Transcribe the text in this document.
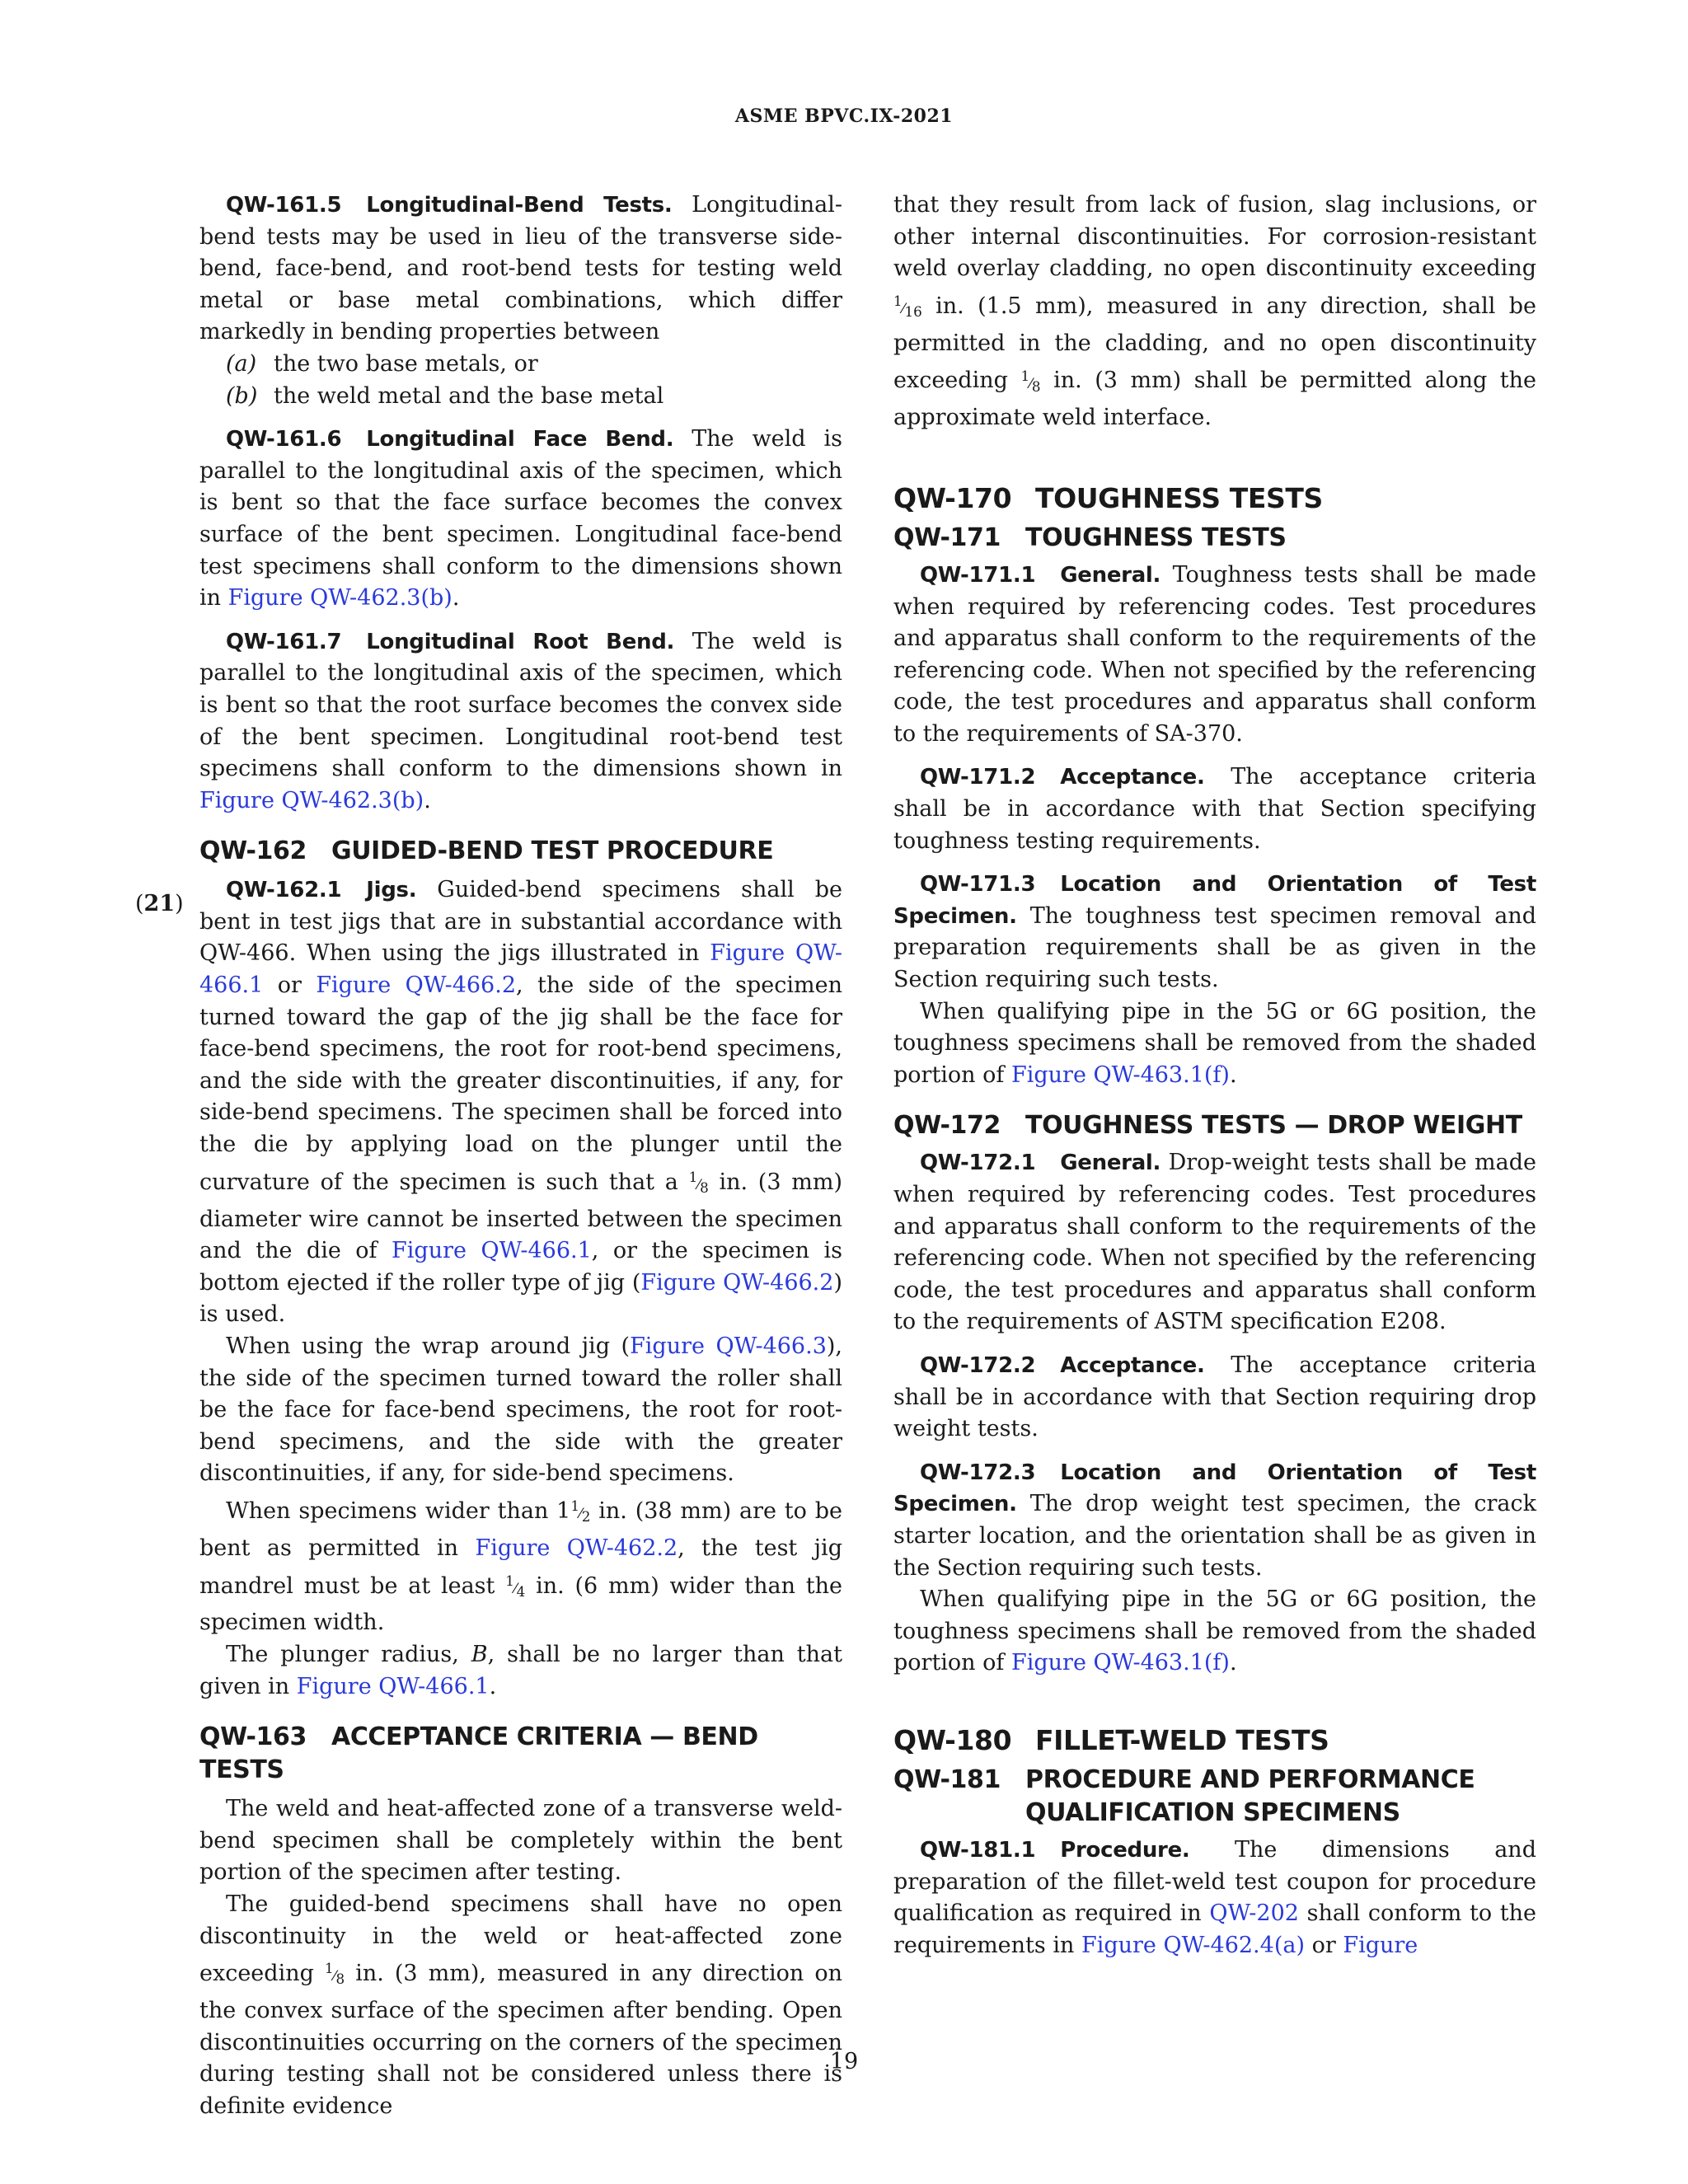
ASME BPVC.IX-2021
(21)

QW-161.5 Longitudinal-Bend Tests. Longitudinal-bend tests may be used in lieu of the transverse side-bend, face-bend, and root-bend tests for testing weld metal or base metal combinations, which differ markedly in bending properties between

(a) the two base metals, or
(b) the weld metal and the base metal

QW-161.6 Longitudinal Face Bend. The weld is parallel to the longitudinal axis of the specimen, which is bent so that the face surface becomes the convex surface of the bent specimen. Longitudinal face-bend test specimens shall conform to the dimensions shown in Figure QW-462.3(b).

QW-161.7 Longitudinal Root Bend. The weld is parallel to the longitudinal axis of the specimen, which is bent so that the root surface becomes the convex side of the bent specimen. Longitudinal root-bend test specimens shall conform to the dimensions shown in Figure QW-462.3(b).

QW-162 GUIDED-BEND TEST PROCEDURE

QW-162.1 Jigs. Guided-bend specimens shall be bent in test jigs that are in substantial accordance with QW-466. When using the jigs illustrated in Figure QW-466.1 or Figure QW-466.2, the side of the specimen turned toward the gap of the jig shall be the face for face-bend specimens, the root for root-bend specimens, and the side with the greater discontinuities, if any, for side-bend specimens. The specimen shall be forced into the die by applying load on the plunger until the curvature of the specimen is such that a $^1⁄_8$ in. (3 mm) diameter wire cannot be inserted between the specimen and the die of Figure QW-466.1, or the specimen is bottom ejected if the roller type of jig (Figure QW-466.2) is used.

When using the wrap around jig (Figure QW-466.3), the side of the specimen turned toward the roller shall be the face for face-bend specimens, the root for root-bend specimens, and the side with the greater discontinuities, if any, for side-bend specimens.

When specimens wider than $1^1⁄_2$ in. (38 mm) are to be bent as permitted in Figure QW-462.2, the test jig mandrel must be at least $^1⁄_4$ in. (6 mm) wider than the specimen width.

The plunger radius, B, shall be no larger than that given in Figure QW-466.1.

QW-163 ACCEPTANCE CRITERIA — BEND TESTS

The weld and heat-affected zone of a transverse weld-bend specimen shall be completely within the bent portion of the specimen after testing.

The guided-bend specimens shall have no open discontinuity in the weld or heat-affected zone exceeding $^1⁄_8$ in. (3 mm), measured in any direction on the convex surface of the specimen after bending. Open discontinuities occurring on the corners of the specimen during testing shall not be considered unless there is definite evidence

that they result from lack of fusion, slag inclusions, or other internal discontinuities. For corrosion-resistant weld overlay cladding, no open discontinuity exceeding $^1⁄_{16}$ in. (1.5 mm), measured in any direction, shall be permitted in the cladding, and no open discontinuity exceeding $^1⁄_8$ in. (3 mm) shall be permitted along the approximate weld interface.

QW-170 TOUGHNESS TESTS
QW-171 TOUGHNESS TESTS

QW-171.1 General. Toughness tests shall be made when required by referencing codes. Test procedures and apparatus shall conform to the requirements of the referencing code. When not specified by the referencing code, the test procedures and apparatus shall conform to the requirements of SA-370.

QW-171.2 Acceptance. The acceptance criteria shall be in accordance with that Section specifying toughness testing requirements.

QW-171.3 Location and Orientation of Test Specimen. The toughness test specimen removal and preparation requirements shall be as given in the Section requiring such tests.

When qualifying pipe in the 5G or 6G position, the toughness specimens shall be removed from the shaded portion of Figure QW-463.1(f).

QW-172 TOUGHNESS TESTS — DROP WEIGHT

QW-172.1 General. Drop-weight tests shall be made when required by referencing codes. Test procedures and apparatus shall conform to the requirements of the referencing code. When not specified by the referencing code, the test procedures and apparatus shall conform to the requirements of ASTM specification E208.

QW-172.2 Acceptance. The acceptance criteria shall be in accordance with that Section requiring drop weight tests.

QW-172.3 Location and Orientation of Test Specimen. The drop weight test specimen, the crack starter location, and the orientation shall be as given in the Section requiring such tests.

When qualifying pipe in the 5G or 6G position, the toughness specimens shall be removed from the shaded portion of Figure QW-463.1(f).

QW-180 FILLET-WELD TESTS
QW-181 PROCEDURE AND PERFORMANCE QUALIFICATION SPECIMENS

QW-181.1 Procedure. The dimensions and preparation of the fillet-weld test coupon for procedure qualification as required in QW-202 shall conform to the requirements in Figure QW-462.4(a) or Figure

19
